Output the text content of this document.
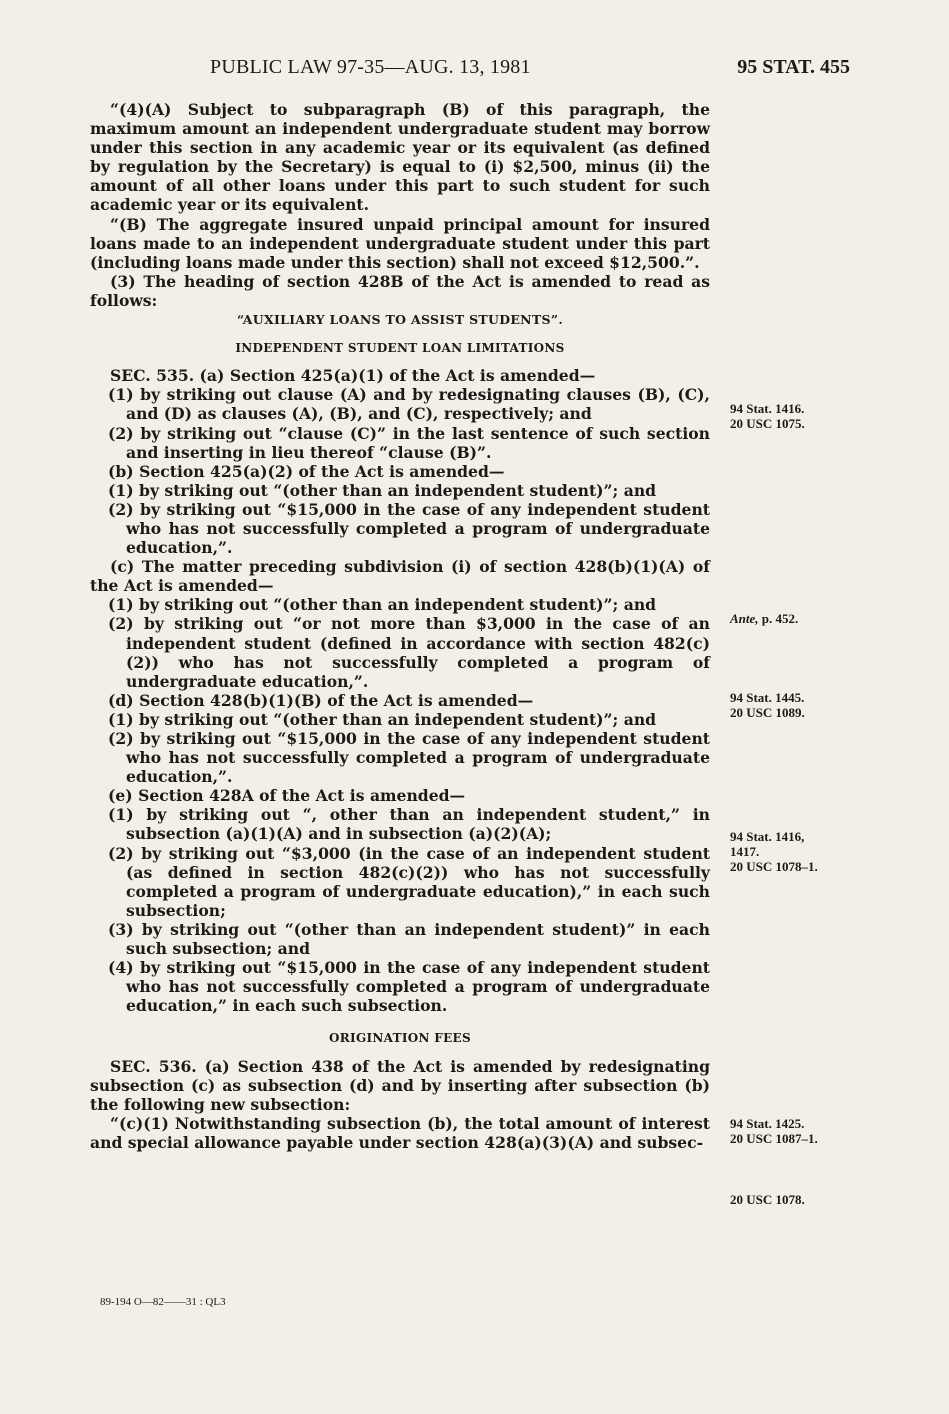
PUBLIC LAW 97-35—AUG. 13, 1981	95 STAT. 455

“(4)(A) Subject to subparagraph (B) of this paragraph, the maximum amount an independent undergraduate student may borrow under this section in any academic year or its equivalent (as defined by regulation by the Secretary) is equal to (i) $2,500, minus (ii) the amount of all other loans under this part to such student for such academic year or its equivalent.

“(B) The aggregate insured unpaid principal amount for insured loans made to an independent undergraduate student under this part (including loans made under this section) shall not exceed $12,500.”.

(3) The heading of section 428B of the Act is amended to read as follows:

“AUXILIARY LOANS TO ASSIST STUDENTS”.

INDEPENDENT STUDENT LOAN LIMITATIONS

SEC. 535. (a) Section 425(a)(1) of the Act is amended—

(1) by striking out clause (A) and by redesignating clauses (B), (C), and (D) as clauses (A), (B), and (C), respectively; and

(2) by striking out “clause (C)” in the last sentence of such section and inserting in lieu thereof “clause (B)”.

(b) Section 425(a)(2) of the Act is amended—

(1) by striking out “(other than an independent student)”; and

(2) by striking out “$15,000 in the case of any independent student who has not successfully completed a program of undergraduate education,”.

(c) The matter preceding subdivision (i) of section 428(b)(1)(A) of the Act is amended—

(1) by striking out “(other than an independent student)”; and

(2) by striking out “or not more than $3,000 in the case of an independent student (defined in accordance with section 482(c)(2)) who has not successfully completed a program of undergraduate education,”.

(d) Section 428(b)(1)(B) of the Act is amended—

(1) by striking out “(other than an independent student)”; and

(2) by striking out “$15,000 in the case of any independent student who has not successfully completed a program of undergraduate education,”.

(e) Section 428A of the Act is amended—

(1) by striking out “, other than an independent student,” in subsection (a)(1)(A) and in subsection (a)(2)(A);

(2) by striking out “$3,000 (in the case of an independent student (as defined in section 482(c)(2)) who has not successfully completed a program of undergraduate education),” in each such subsection;

(3) by striking out “(other than an independent student)” in each such subsection; and

(4) by striking out “$15,000 in the case of any independent student who has not successfully completed a program of undergraduate education,” in each such subsection.

ORIGINATION FEES

SEC. 536. (a) Section 438 of the Act is amended by redesignating subsection (c) as subsection (d) and by inserting after subsection (b) the following new subsection:

“(c)(1) Notwithstanding subsection (b), the total amount of interest and special allowance payable under section 428(a)(3)(A) and subsec-

94 Stat. 1416.
20 USC 1075.
Ante, p. 452.
94 Stat. 1445.
20 USC 1089.
94 Stat. 1416,
1417.
20 USC 1078–1.
94 Stat. 1425.
20 USC 1087–1.
20 USC 1078.
89-194 O—82——31 : QL3
